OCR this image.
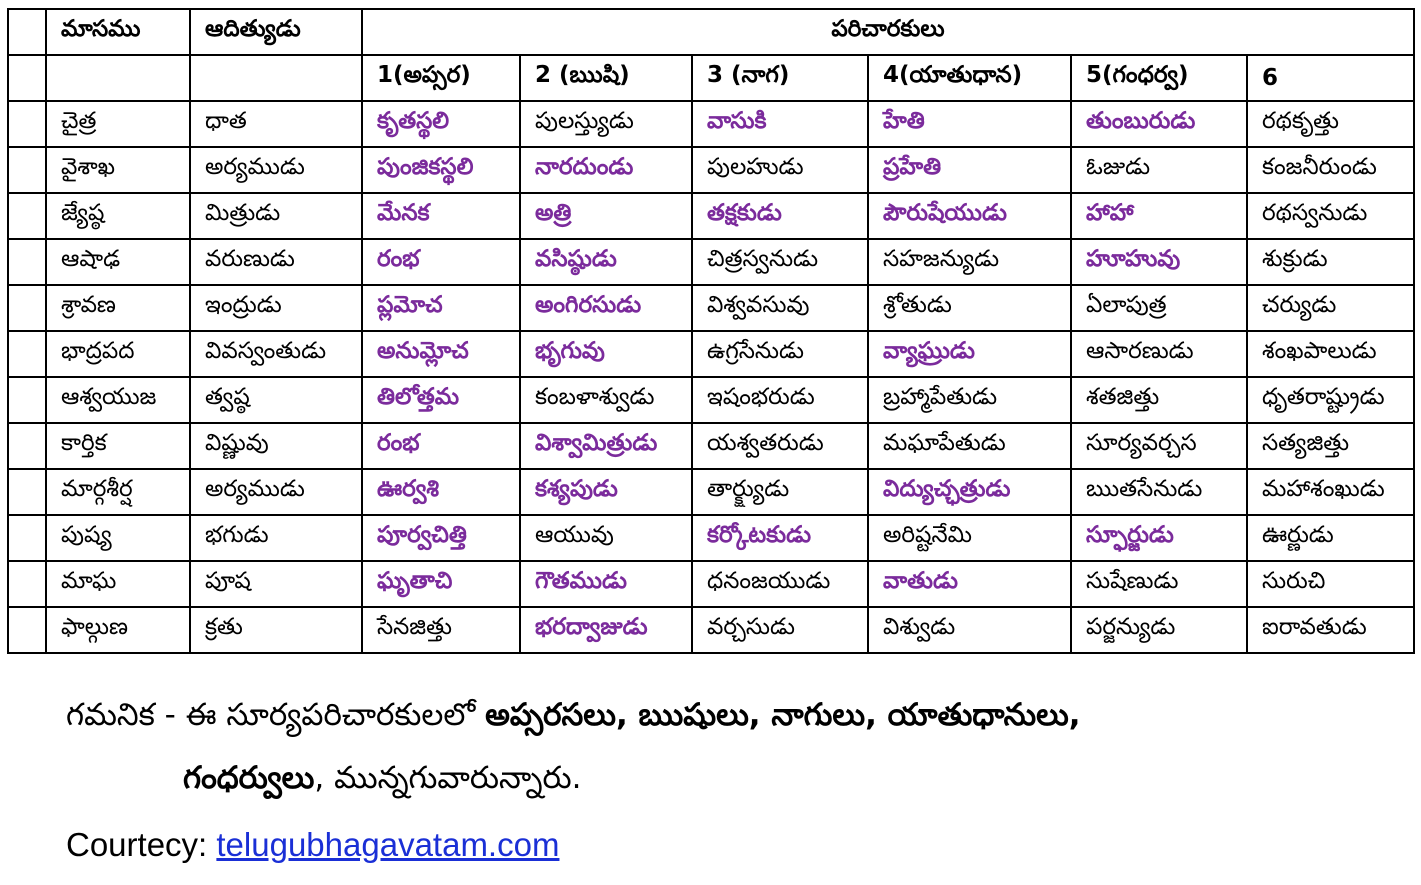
	మాసము	ఆదిత్యుడు	పరిచారకులు					
			1(అప్సర)	2 (ఋషి)	3 (నాగ)	4(యాతుధాన)	5(గంధర్వ)	6
	చైత్ర	ధాత	కృతస్థలి	పులస్త్యుడు	వాసుకి	హేతి	తుంబురుడు	రథకృత్తు
	వైశాఖ	అర్యముడు	పుంజికస్థలి	నారదుండు	పులహుడు	ప్రహేతి	ఓజుడు	కంజనీరుండు
	జ్యేష్ఠ	మిత్రుడు	మేనక	అత్రి	తక్షకుడు	పౌరుషేయుడు	హాహా	రథస్వనుడు
	ఆషాఢ	వరుణుడు	రంభ	వసిష్ఠుడు	చిత్రస్వనుడు	సహజన్యుడు	హూహువు	శుక్రుడు
	శ్రావణ	ఇంద్రుడు	ప్లమోచ	అంగిరసుడు	విశ్వవసువు	శ్రోతుడు	ఏలాపుత్ర	చర్యుడు
	భాద్రపద	వివస్వంతుడు	అనుమ్లోచ	భృగువు	ఉగ్రసేనుడు	వ్యాఘ్రుడు	ఆసారణుడు	శంఖపాలుడు
	ఆశ్వయుజ	త్వష్ఠ	తిలోత్తమ	కంబళాశ్వుడు	ఇషంభరుడు	బ్రహ్మాపేతుడు	శతజిత్తు	ధృతరాష్ట్రుడు
	కార్తిక	విష్ణువు	రంభ	విశ్వామిత్రుడు	యశ్వతరుడు	మఘాపేతుడు	సూర్యవర్చస	సత్యజిత్తు
	మార్గశీర్ష	అర్యముడు	ఊర్వశి	కశ్యపుడు	తార్క్ష్యుడు	విద్యుచ్ఛత్రుడు	ఋతసేనుడు	మహాశంఖుడు
	పుష్య	భగుడు	పూర్వచిత్తి	ఆయువు	కర్కోటకుడు	అరిష్టనేమి	స్ఫూర్జుడు	ఊర్ణుడు
	మాఘ	పూష	ఘృతాచి	గౌతముడు	ధనంజయుడు	వాతుడు	సుషేణుడు	సురుచి
	ఫాల్గుణ	క్రతు	సేనజిత్తు	భరద్వాజుడు	వర్చసుడు	విశ్వుడు	పర్జన్యుడు	ఐరావతుడు
గమనిక - ఈ సూర్యపరిచారకులలో అప్సరసలు, ఋషులు, నాగులు, యాతుధానులు,
గంధర్వులు, మున్నగువారున్నారు.
Courtecy: telugubhagavatam.com
